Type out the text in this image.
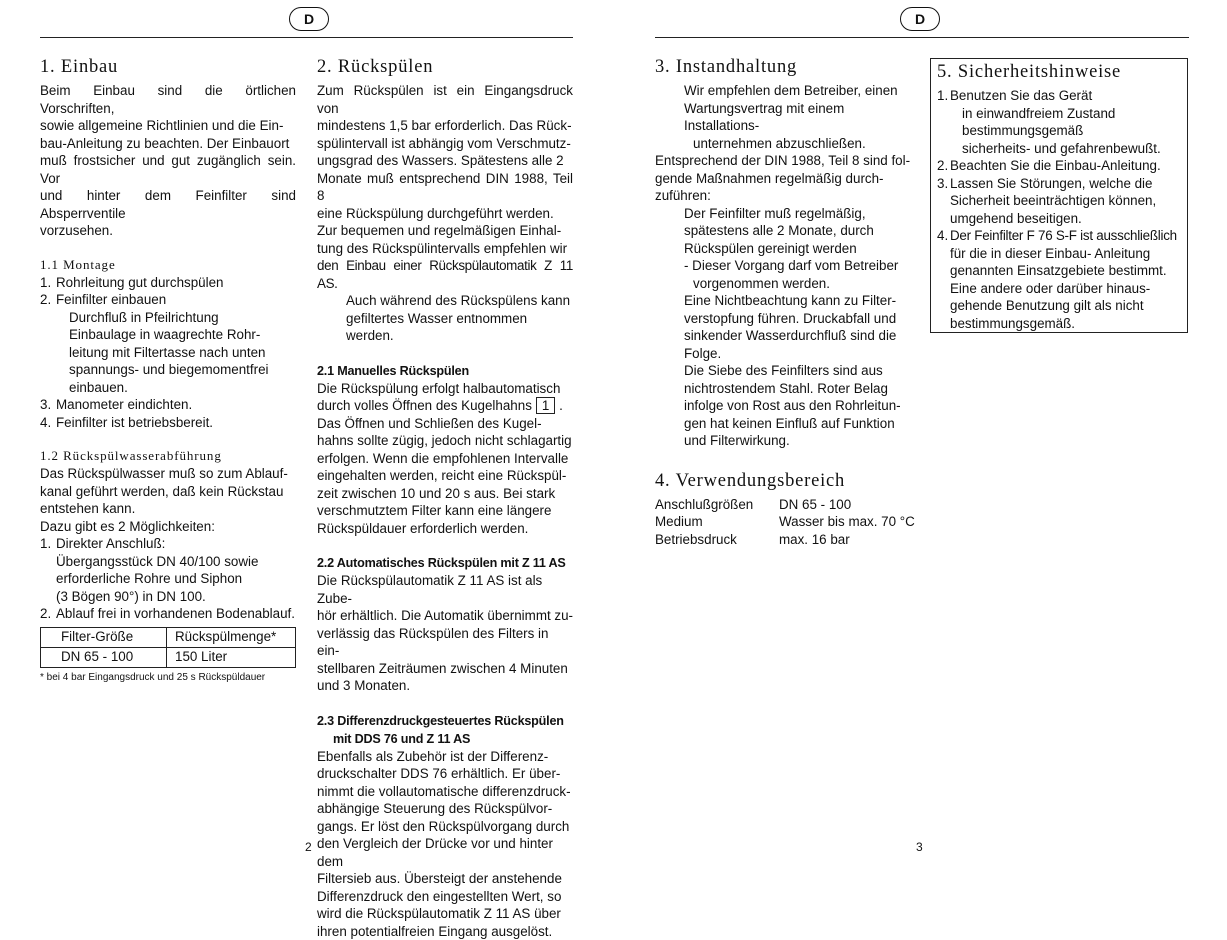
D	D
1. Einbau
Beim Einbau sind die örtlichen Vorschriften,
sowie allgemeine Richtlinien und die Ein-
bau-Anleitung zu beachten. Der Einbauort
muß frostsicher und gut zugänglich sein. Vor
und hinter dem Feinfilter sind Absperrventile
vorzusehen.
1.1 Montage
1. Rohrleitung gut durchspülen
2. Feinfilter einbauen
Durchfluß in Pfeilrichtung
Einbaulage in waagrechte Rohr-
leitung mit Filtertasse nach unten
spannungs- und biegemomentfrei
einbauen.
3. Manometer eindichten.
4. Feinfilter ist betriebsbereit.
1.2 Rückspülwasserabführung
Das Rückspülwasser muß so zum Ablauf-
kanal geführt werden, daß kein Rückstau
entstehen kann.
Dazu gibt es 2 Möglichkeiten:
1. Direkter Anschluß:
Übergangsstück DN 40/100 sowie
erforderliche Rohre und Siphon
(3 Bögen 90°) in DN 100.
2. Ablauf frei in vorhandenen Bodenablauf.
Filter-Größe	Rückspülmenge*
DN 65 - 100	150 Liter
* bei 4 bar Eingangsdruck und 25 s Rückspüldauer
2. Rückspülen
Zum Rückspülen ist ein Eingangsdruck von
mindestens 1,5 bar erforderlich. Das Rück-
spülintervall ist abhängig vom Verschmutz-
ungsgrad des Wassers. Spätestens alle 2
Monate muß entsprechend DIN 1988, Teil 8
eine Rückspülung durchgeführt werden.
Zur bequemen und regelmäßigen Einhal-
tung des Rückspülintervalls empfehlen wir
den Einbau einer Rückspülautomatik Z 11 AS.
Auch während des Rückspülens kann
gefiltertes Wasser entnommen werden.
2.1 Manuelles Rückspülen
Die Rückspülung erfolgt halbautomatisch
durch volles Öffnen des Kugelhahns 1 .
Das Öffnen und Schließen des Kugel-
hahns sollte zügig, jedoch nicht schlagartig
erfolgen. Wenn die empfohlenen Intervalle
eingehalten werden, reicht eine Rückspül-
zeit zwischen 10 und 20 s aus. Bei stark
verschmutztem Filter kann eine längere
Rückspüldauer erforderlich werden.
2.2 Automatisches Rückspülen mit Z 11 AS
Die Rückspülautomatik Z 11 AS ist als Zube-
hör erhältlich. Die Automatik übernimmt zu-
verlässig das Rückspülen des Filters in ein-
stellbaren Zeiträumen zwischen 4 Minuten
und 3 Monaten.
2.3 Differenzdruckgesteuertes Rückspülen
mit DDS 76 und Z 11 AS
Ebenfalls als Zubehör ist der Differenz-
druckschalter DDS 76 erhältlich. Er über-
nimmt die vollautomatische differenzdruck-
abhängige Steuerung des Rückspülvor-
gangs. Er löst den Rückspülvorgang durch
den Vergleich der Drücke vor und hinter dem
Filtersieb aus. Übersteigt der anstehende
Differenzdruck den eingestellten Wert, so
wird die Rückspülautomatik Z 11 AS über
ihren potentialfreien Eingang ausgelöst.
3. Instandhaltung
Wir empfehlen dem Betreiber, einen
Wartungsvertrag mit einem Installations-
unternehmen abzuschließen.
Entsprechend der DIN 1988, Teil 8 sind fol-
gende Maßnahmen regelmäßig durch-
zuführen:
Der Feinfilter muß regelmäßig,
spätestens alle 2 Monate, durch
Rückspülen gereinigt werden
- Dieser Vorgang darf vom Betreiber
vorgenommen werden.
Eine Nichtbeachtung kann zu Filter-
verstopfung führen. Druckabfall und
sinkender Wasserdurchfluß sind die
Folge.
Die Siebe des Feinfilters sind aus
nichtrostendem Stahl. Roter Belag
infolge von Rost aus den Rohrleitun-
gen hat keinen Einfluß auf Funktion
und Filterwirkung.
4. Verwendungsbereich
Anschlußgrößen	DN 65 - 100
Medium	Wasser bis max. 70 °C
Betriebsdruck	max. 16 bar
5. Sicherheitshinweise
1. Benutzen Sie das Gerät
in einwandfreiem Zustand
bestimmungsgemäß
sicherheits- und gefahrenbewußt.
2. Beachten Sie die Einbau-Anleitung.
3. Lassen Sie Störungen, welche die
Sicherheit beeinträchtigen können,
umgehend beseitigen.
4. Der Feinfilter F 76 S-F ist ausschließlich
für die in dieser Einbau- Anleitung
genannten Einsatzgebiete bestimmt.
Eine andere oder darüber hinaus-
gehende Benutzung gilt als nicht
bestimmungsgemäß.
2	3
